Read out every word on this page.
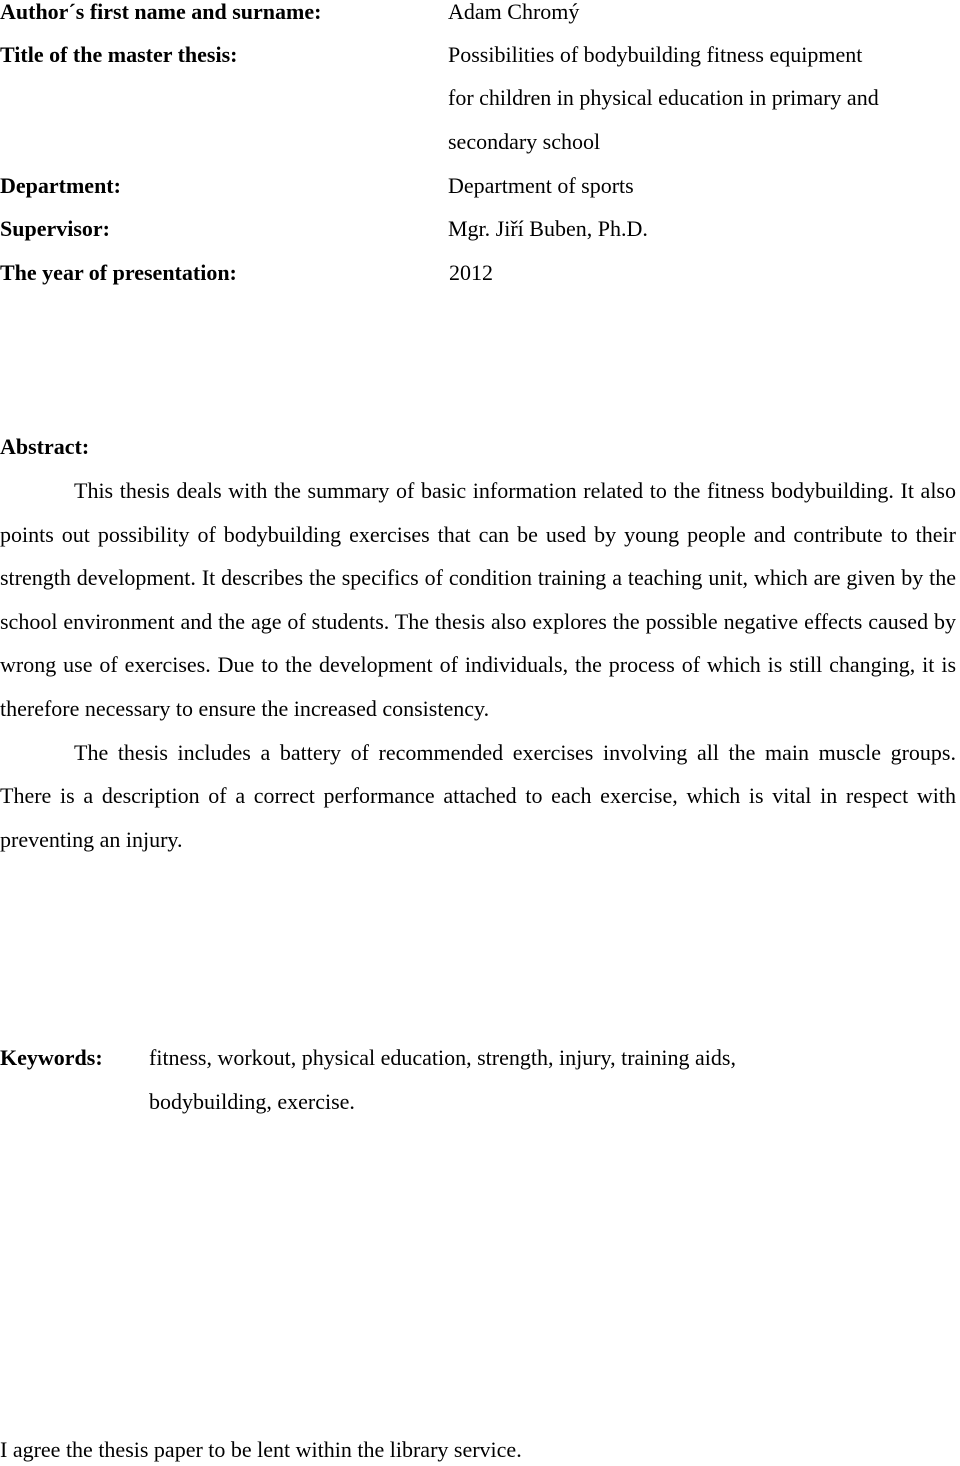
Author´s first name and surname:	Adam Chromý
Title of the master thesis:	Possibilities of bodybuilding fitness equipment
for children in physical education in primary and
secondary school
Department:	Department of sports
Supervisor:	Mgr. Jiří Buben, Ph.D.
The year of presentation:	2012
Abstract:

This thesis deals with the summary of basic information related to the fitness bodybuilding. It also points out possibility of bodybuilding exercises that can be used by young people and contribute to their strength development. It describes the specifics of condition training a teaching unit, which are given by the school environment and the age of students. The thesis also explores the possible negative effects caused by wrong use of exercises. Due to the development of individuals, the process of which is still changing, it is therefore necessary to ensure the increased consistency.

The thesis includes a battery of recommended exercises involving all the main muscle groups. There is a description of a correct performance attached to each exercise, which is vital in respect with preventing an injury.

Keywords: fitness, workout, physical education, strength, injury, training aids, bodybuilding, exercise.
I agree the thesis paper to be lent within the library service.
